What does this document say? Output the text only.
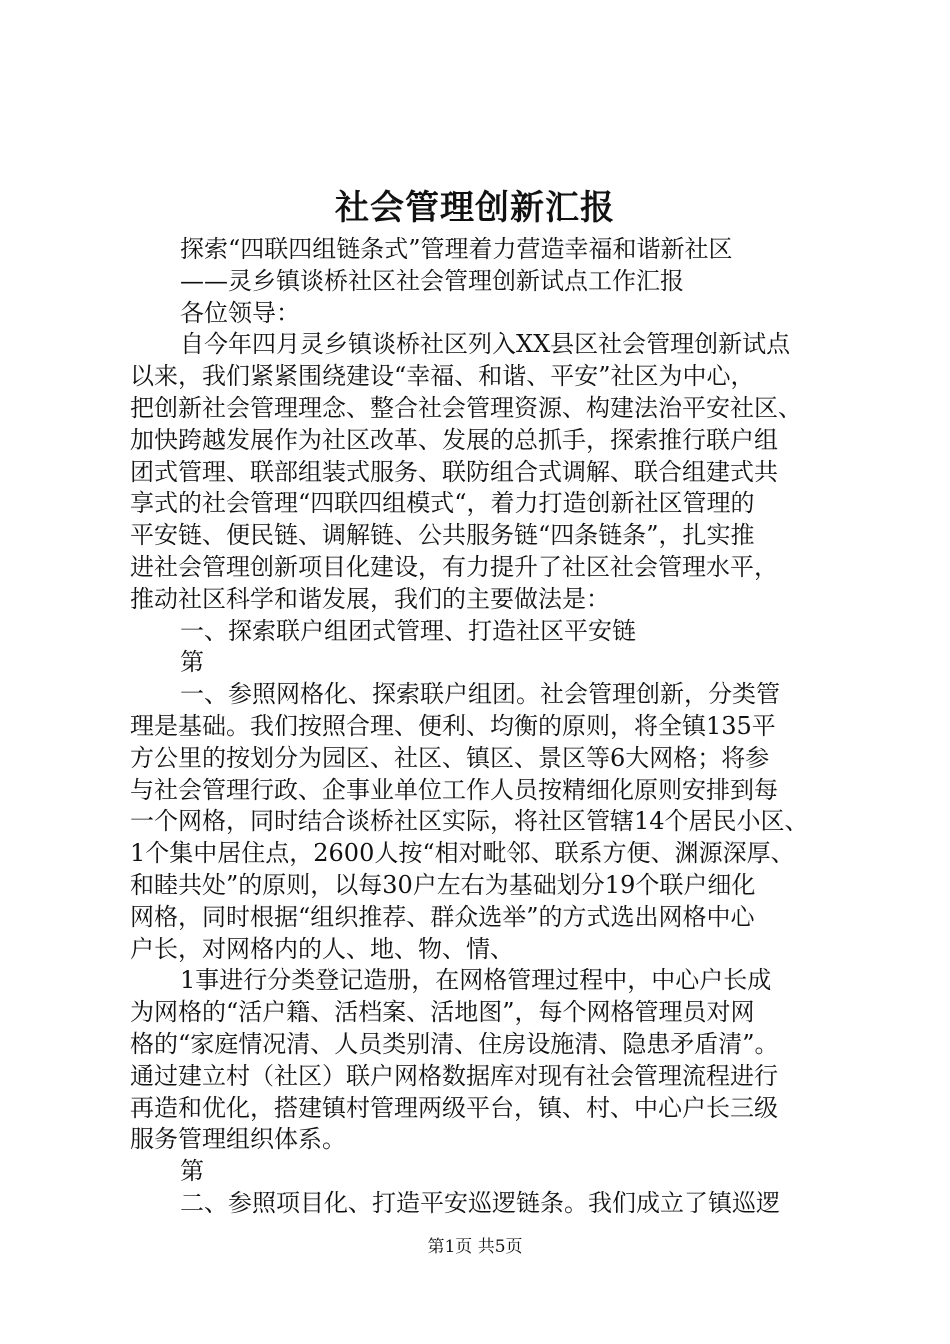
社会管理创新汇报
探索“四联四组链条式”管理着力营造幸福和谐新社区
——灵乡镇谈桥社区社会管理创新试点工作汇报
各位领导：
自今年四月灵乡镇谈桥社区列入XX县区社会管理创新试点
以来，我们紧紧围绕建设“幸福、和谐、平安”社区为中心，
把创新社会管理理念、整合社会管理资源、构建法治平安社区、
加快跨越发展作为社区改革、发展的总抓手，探索推行联户组
团式管理、联部组装式服务、联防组合式调解、联合组建式共
享式的社会管理“四联四组模式“，着力打造创新社区管理的
平安链、便民链、调解链、公共服务链“四条链条”，扎实推
进社会管理创新项目化建设，有力提升了社区社会管理水平，
推动社区科学和谐发展，我们的主要做法是：
一、探索联户组团式管理、打造社区平安链
第
一、参照网格化、探索联户组团。社会管理创新，分类管
理是基础。我们按照合理、便利、均衡的原则，将全镇135平
方公里的按划分为园区、社区、镇区、景区等6大网格；将参
与社会管理行政、企事业单位工作人员按精细化原则安排到每
一个网格，同时结合谈桥社区实际，将社区管辖14个居民小区、
1个集中居住点，2600人按“相对毗邻、联系方便、渊源深厚、
和睦共处”的原则，以每30户左右为基础划分19个联户细化
网格，同时根据“组织推荐、群众选举”的方式选出网格中心
户长，对网格内的人、地、物、情、
1事进行分类登记造册，在网格管理过程中，中心户长成
为网格的“活户籍、活档案、活地图”，每个网格管理员对网
格的“家庭情况清、人员类别清、住房设施清、隐患矛盾清”。
通过建立村（社区）联户网格数据库对现有社会管理流程进行
再造和优化，搭建镇村管理两级平台，镇、村、中心户长三级
服务管理组织体系。
第
二、参照项目化、打造平安巡逻链条。我们成立了镇巡逻
第1页 共5页
